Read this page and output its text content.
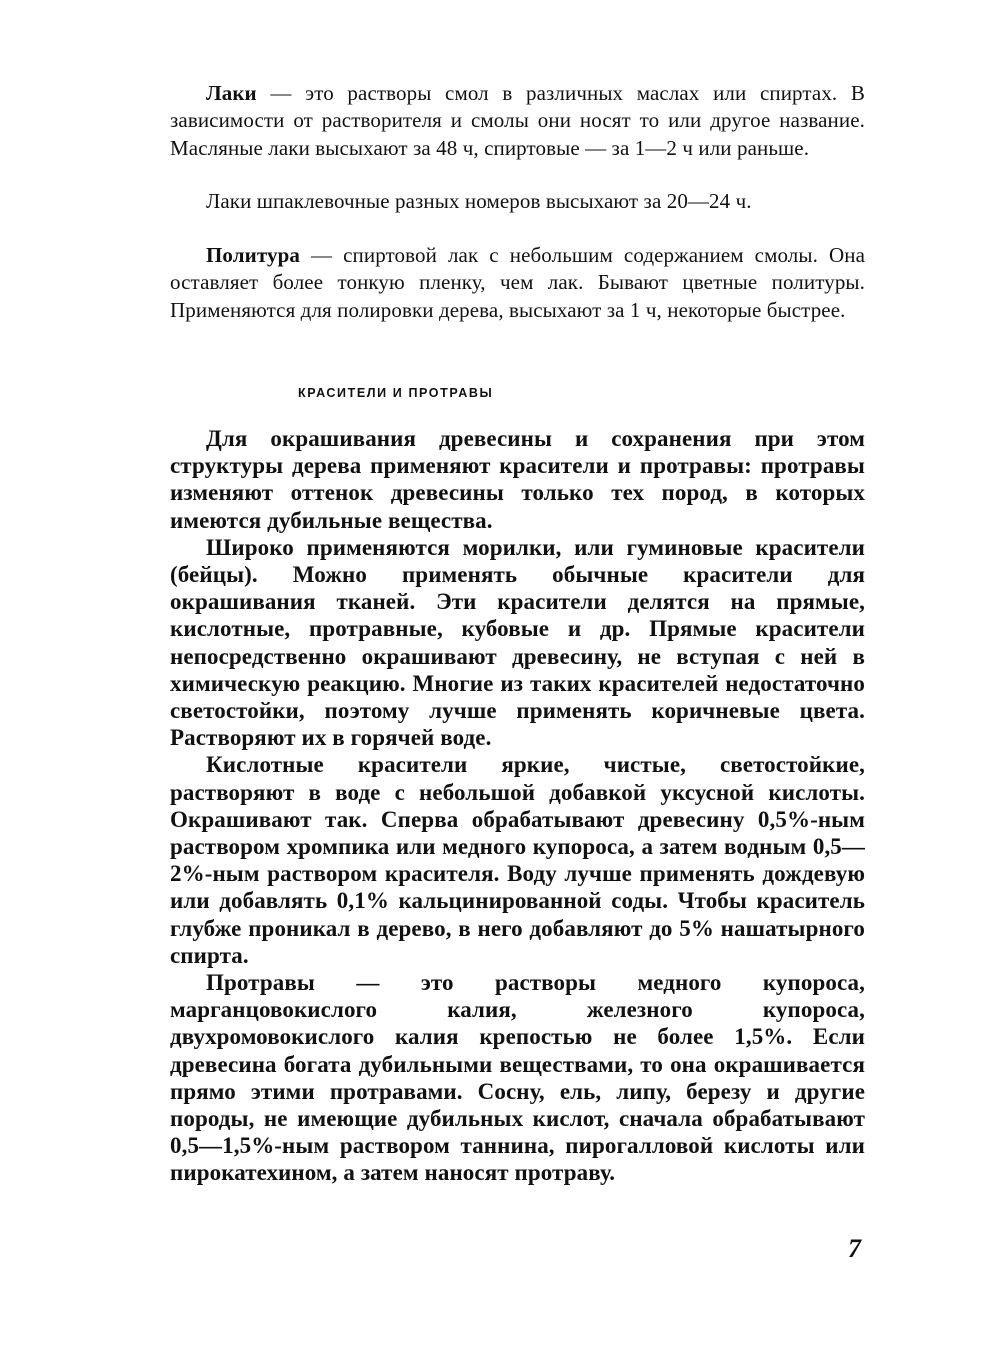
Лаки — это растворы смол в различных маслах или спиртах. В зависимости от растворителя и смолы они носят то или другое название. Масляные лаки высыхают за 48 ч, спиртовые — за 1—2 ч или раньше.

Лаки шпаклевочные разных номеров высыхают за 20—24 ч.

Политура — спиртовой лак с небольшим содержанием смолы. Она оставляет более тонкую пленку, чем лак. Бывают цветные политуры. Применяются для полировки дерева, высыхают за 1 ч, некоторые быстрее.

КРАСИТЕЛИ И ПРОТРАВЫ

Для окрашивания древесины и сохранения при этом структуры дерева применяют красители и протравы: протравы изменяют оттенок древесины только тех пород, в которых имеются дубильные вещества.

Широко применяются морилки, или гуминовые красители (бейцы). Можно применять обычные красители для окрашивания тканей. Эти красители делятся на прямые, кислотные, протравные, кубовые и др. Прямые красители непосредственно окрашивают древесину, не вступая с ней в химическую реакцию. Многие из таких красителей недостаточно светостойки, поэтому лучше применять коричневые цвета. Растворяют их в горячей воде.

Кислотные красители яркие, чистые, светостойкие, растворяют в воде с небольшой добавкой уксусной кислоты. Окрашивают так. Сперва обрабатывают древесину 0,5%-ным раствором хромпика или медного купороса, а затем водным 0,5—2%-ным раствором красителя. Воду лучше применять дождевую или добавлять 0,1% кальцинированной соды. Чтобы краситель глубже проникал в дерево, в него добавляют до 5% нашатырного спирта.

Протравы — это растворы медного купороса, марганцовокислого калия, железного купороса, двухромовокислого калия крепостью не более 1,5%. Если древесина богата дубильными веществами, то она окрашивается прямо этими протравами. Сосну, ель, липу, березу и другие породы, не имеющие дубильных кислот, сначала обрабатывают 0,5—1,5%-ным раствором таннина, пирогалловой кислоты или пирокатехином, а затем наносят протраву.

7
